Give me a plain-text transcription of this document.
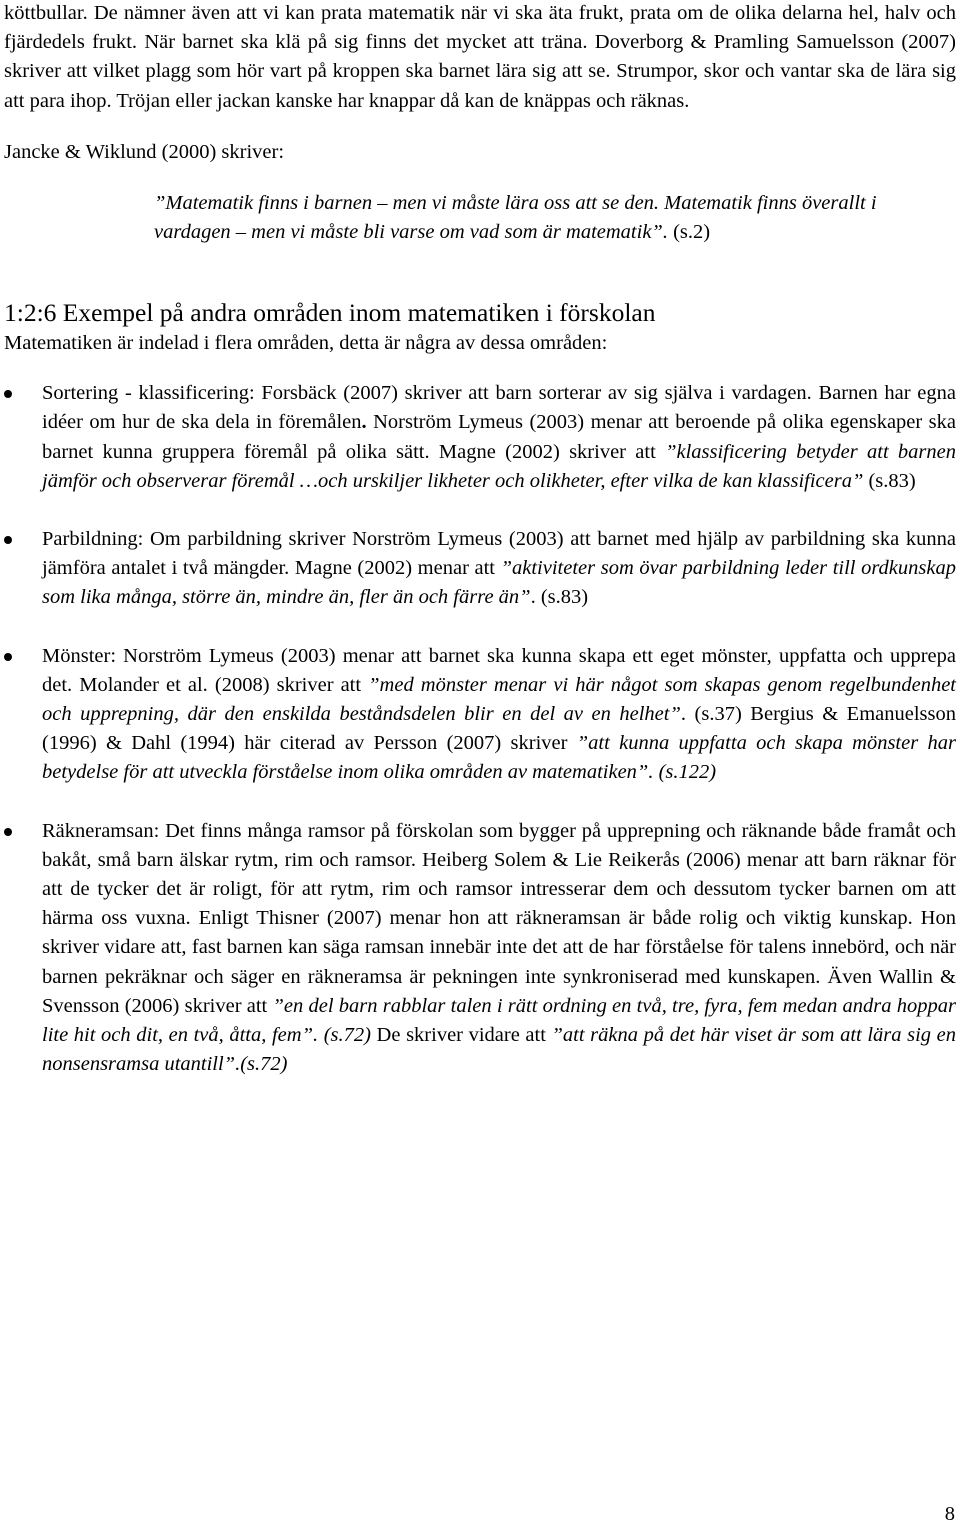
köttbullar. De nämner även att vi kan prata matematik när vi ska äta frukt, prata om de olika delarna hel, halv och fjärdedels frukt. När barnet ska klä på sig finns det mycket att träna. Doverborg & Pramling Samuelsson (2007) skriver att vilket plagg som hör vart på kroppen ska barnet lära sig att se. Strumpor, skor och vantar ska de lära sig att para ihop. Tröjan eller jackan kanske har knappar då kan de knäppas och räknas.

Jancke & Wiklund (2000) skriver:

”Matematik finns i barnen – men vi måste lära oss att se den. Matematik finns överallt i vardagen – men vi måste bli varse om vad som är matematik”. (s.2)

1:2:6 Exempel på andra områden inom matematiken i förskolan

Matematiken är indelad i flera områden, detta är några av dessa områden:

Sortering - klassificering: Forsbäck (2007) skriver att barn sorterar av sig själva i vardagen. Barnen har egna idéer om hur de ska dela in föremålen. Norström Lymeus (2003) menar att beroende på olika egenskaper ska barnet kunna gruppera föremål på olika sätt. Magne (2002) skriver att ”klassificering betyder att barnen jämför och observerar föremål …och urskiljer likheter och olikheter, efter vilka de kan klassificera” (s.83)
Parbildning: Om parbildning skriver Norström Lymeus (2003) att barnet med hjälp av parbildning ska kunna jämföra antalet i två mängder. Magne (2002) menar att ”aktiviteter som övar parbildning leder till ordkunskap som lika många, större än, mindre än, fler än och färre än”. (s.83)
Mönster: Norström Lymeus (2003) menar att barnet ska kunna skapa ett eget mönster, uppfatta och upprepa det. Molander et al. (2008) skriver att ”med mönster menar vi här något som skapas genom regelbundenhet och upprepning, där den enskilda beståndsdelen blir en del av en helhet”. (s.37) Bergius & Emanuelsson (1996) & Dahl (1994) här citerad av Persson (2007) skriver ”att kunna uppfatta och skapa mönster har betydelse för att utveckla förståelse inom olika områden av matematiken”. (s.122)
Räkneramsan: Det finns många ramsor på förskolan som bygger på upprepning och räknande både framåt och bakåt, små barn älskar rytm, rim och ramsor. Heiberg Solem & Lie Reikerås (2006) menar att barn räknar för att de tycker det är roligt, för att rytm, rim och ramsor intresserar dem och dessutom tycker barnen om att härma oss vuxna. Enligt Thisner (2007) menar hon att räkneramsan är både rolig och viktig kunskap. Hon skriver vidare att, fast barnen kan säga ramsan innebär inte det att de har förståelse för talens innebörd, och när barnen pekräknar och säger en räkneramsa är pekningen inte synkroniserad med kunskapen. Även Wallin & Svensson (2006) skriver att ”en del barn rabblar talen i rätt ordning en två, tre, fyra, fem medan andra hoppar lite hit och dit, en två, åtta, fem”. (s.72) De skriver vidare att ”att räkna på det här viset är som att lära sig en nonsensramsa utantill”.(s.72)
8
